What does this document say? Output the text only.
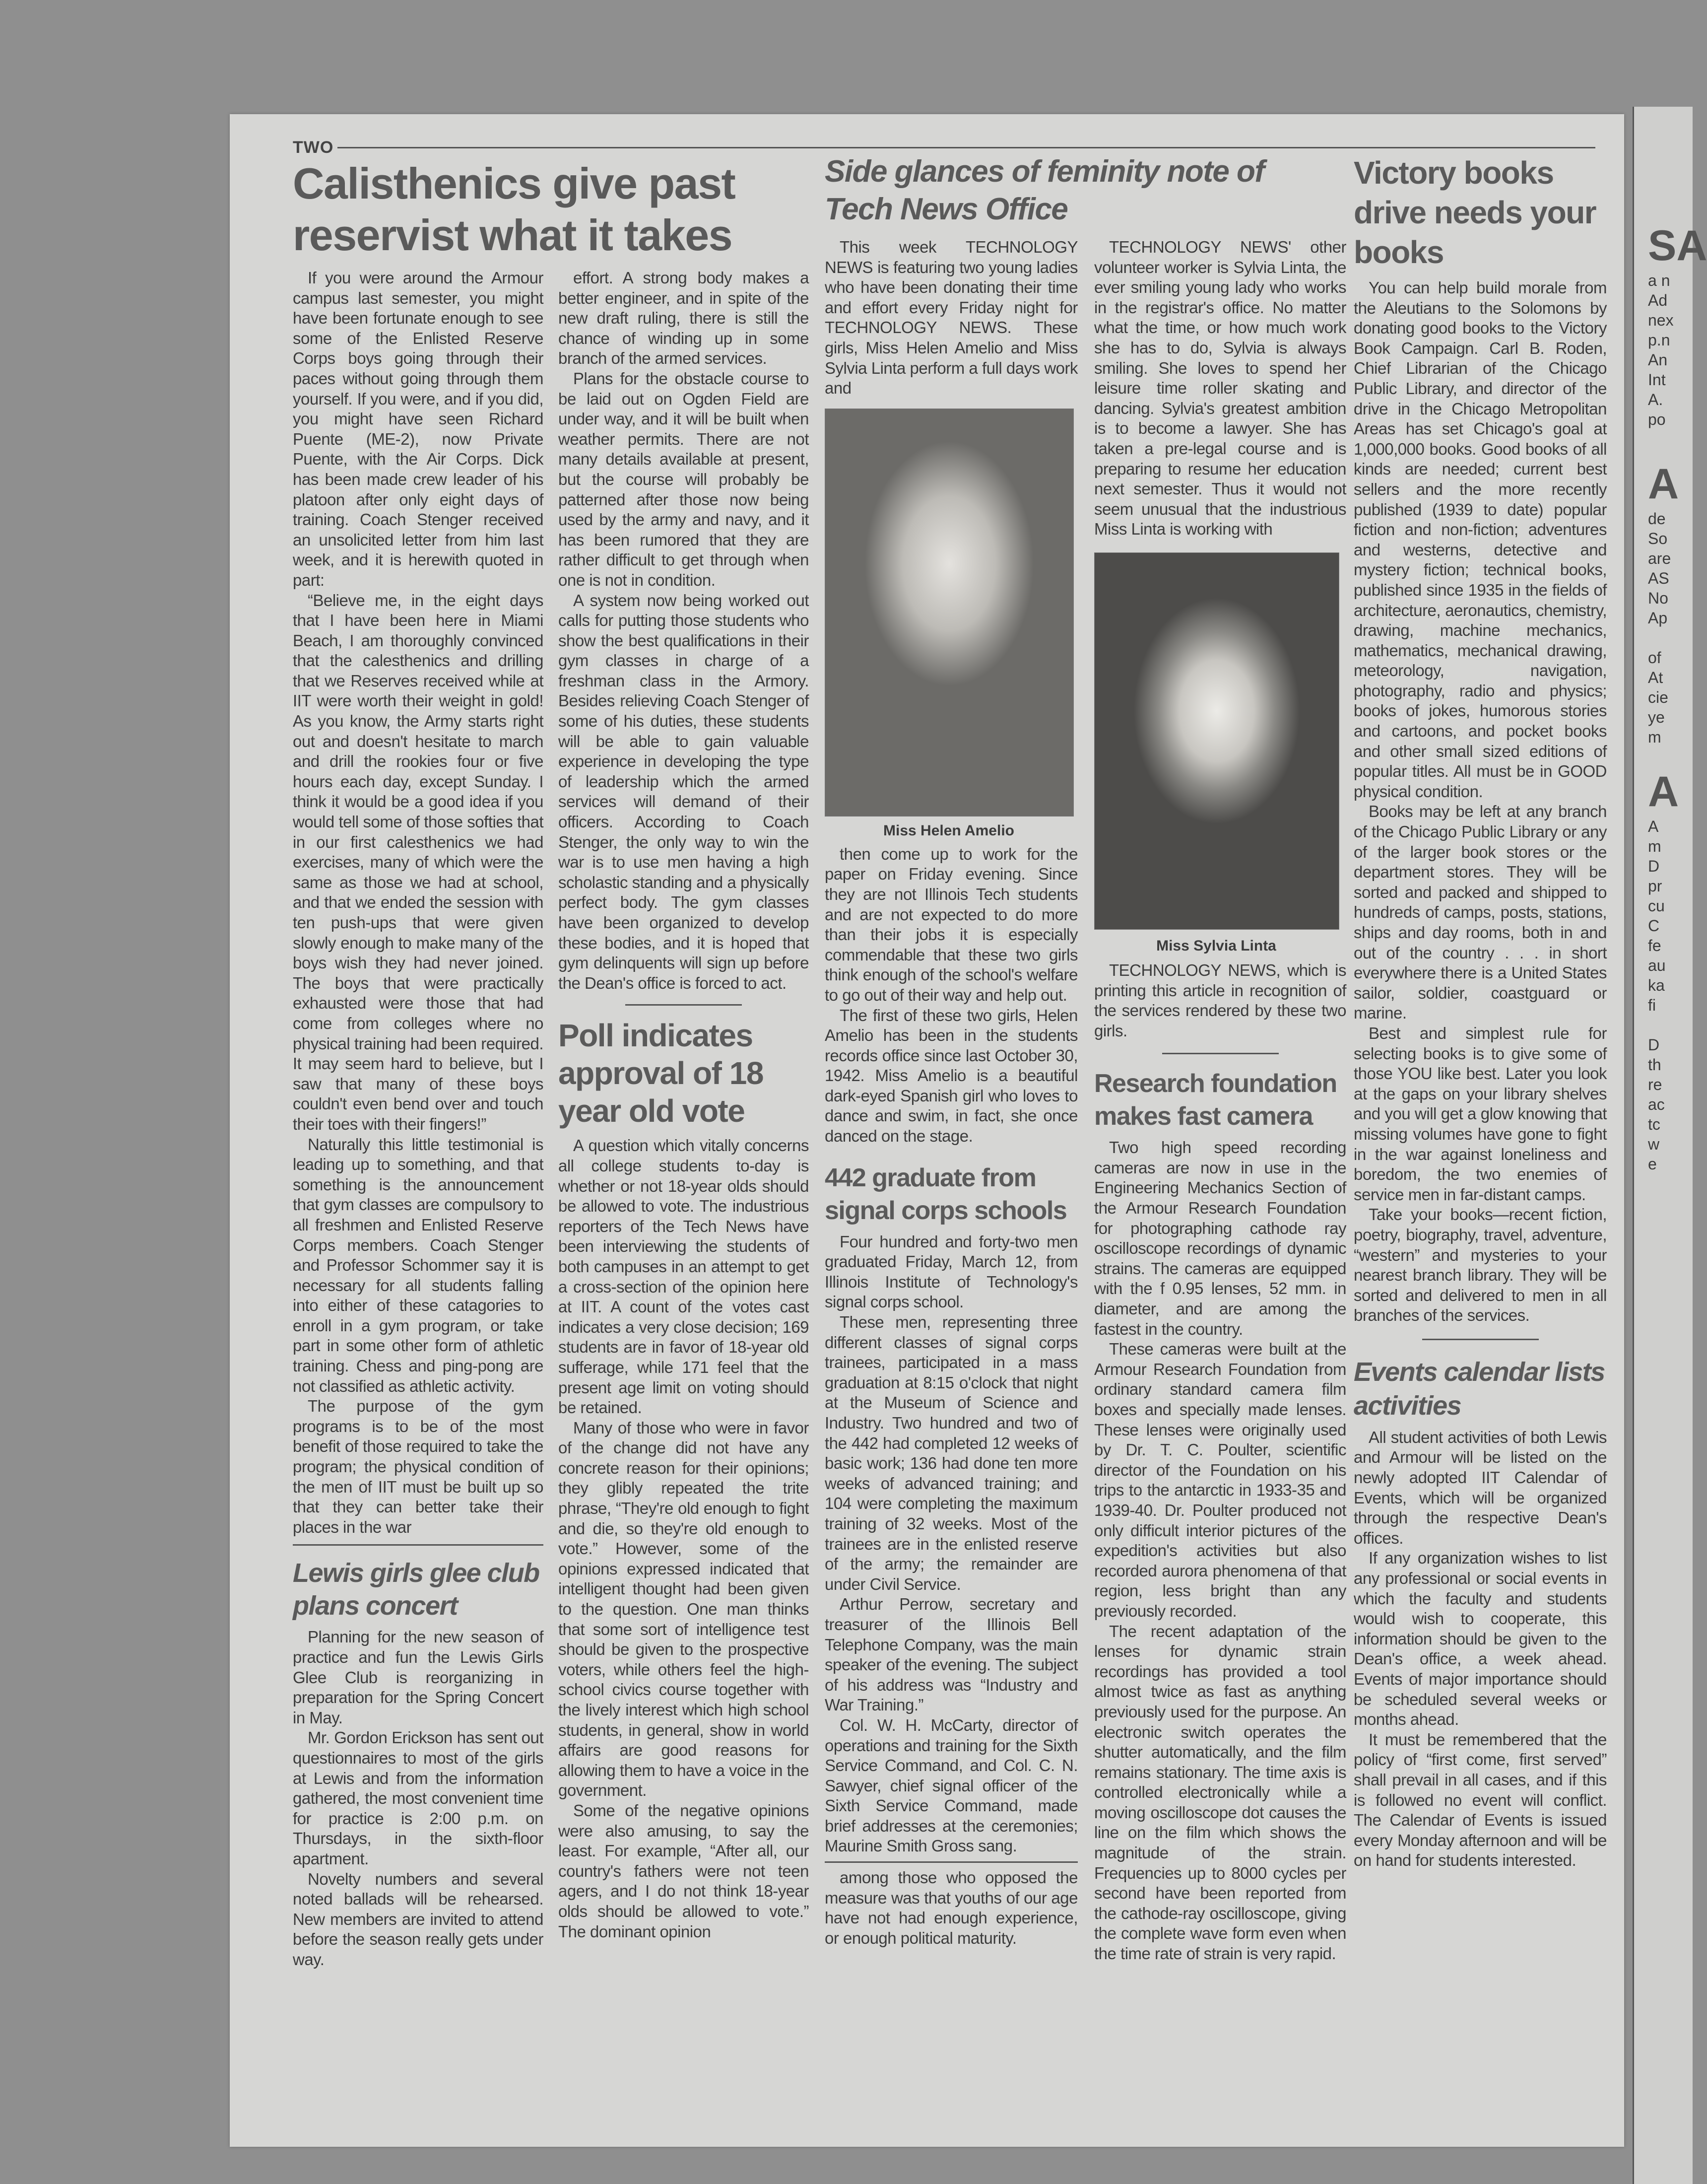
TWO
Calisthenics give past reservist what it takes

If you were around the Armour campus last semester, you might have been fortunate enough to see some of the Enlisted Reserve Corps boys going through their paces without going through them yourself. If you were, and if you did, you might have seen Richard Puente (ME-2), now Private Puente, with the Air Corps. Dick has been made crew leader of his platoon after only eight days of training. Coach Stenger received an unsolicited letter from him last week, and it is herewith quoted in part:

“Believe me, in the eight days that I have been here in Miami Beach, I am thoroughly convinced that the calesthenics and drilling that we Reserves received while at IIT were worth their weight in gold! As you know, the Army starts right out and doesn't hesitate to march and drill the rookies four or five hours each day, except Sunday. I think it would be a good idea if you would tell some of those softies that in our first calesthenics we had exercises, many of which were the same as those we had at school, and that we ended the session with ten push-ups that were given slowly enough to make many of the boys wish they had never joined. The boys that were practically exhausted were those that had come from colleges where no physical training had been required. It may seem hard to believe, but I saw that many of these boys couldn't even bend over and touch their toes with their fingers!”

Naturally this little testimonial is leading up to something, and that something is the announcement that gym classes are compulsory to all freshmen and Enlisted Reserve Corps members. Coach Stenger and Professor Schommer say it is necessary for all students falling into either of these catagories to enroll in a gym program, or take part in some other form of athletic training. Chess and ping-pong are not classified as athletic activity.

The purpose of the gym programs is to be of the most benefit of those required to take the program; the physical condition of the men of IIT must be built up so that they can better take their places in the war

Lewis girls glee club plans concert

Planning for the new season of practice and fun the Lewis Girls Glee Club is reorganizing in preparation for the Spring Concert in May.

Mr. Gordon Erickson has sent out questionnaires to most of the girls at Lewis and from the information gathered, the most convenient time for practice is 2:00 p.m. on Thursdays, in the sixth-floor apartment.

Novelty numbers and several noted ballads will be rehearsed. New members are invited to attend before the season really gets under way.

effort. A strong body makes a better engineer, and in spite of the new draft ruling, there is still the chance of winding up in some branch of the armed services.

Plans for the obstacle course to be laid out on Ogden Field are under way, and it will be built when weather permits. There are not many details available at present, but the course will probably be patterned after those now being used by the army and navy, and it has been rumored that they are rather difficult to get through when one is not in condition.

A system now being worked out calls for putting those students who show the best qualifications in their gym classes in charge of a freshman class in the Armory. Besides relieving Coach Stenger of some of his duties, these students will be able to gain valuable experience in developing the type of leadership which the armed services will demand of their officers. According to Coach Stenger, the only way to win the war is to use men having a high scholastic standing and a physically perfect body. The gym classes have been organized to develop these bodies, and it is hoped that gym delinquents will sign up before the Dean's office is forced to act.

Poll indicates approval of 18 year old vote

A question which vitally concerns all college students to-day is whether or not 18-year olds should be allowed to vote. The industrious reporters of the Tech News have been interviewing the students of both campuses in an attempt to get a cross-section of the opinion here at IIT. A count of the votes cast indicates a very close decision; 169 students are in favor of 18-year old sufferage, while 171 feel that the present age limit on voting should be retained.

Many of those who were in favor of the change did not have any concrete reason for their opinions; they glibly repeated the trite phrase, “They're old enough to fight and die, so they're old enough to vote.” However, some of the opinions expressed indicated that intelligent thought had been given to the question. One man thinks that some sort of intelligence test should be given to the prospective voters, while others feel the high-school civics course together with the lively interest which high school students, in general, show in world affairs are good reasons for allowing them to have a voice in the government.

Some of the negative opinions were also amusing, to say the least. For example, “After all, our country's fathers were not teen agers, and I do not think 18-year olds should be allowed to vote.” The dominant opinion

Side glances of feminity note of Tech News Office

This week TECHNOLOGY NEWS is featuring two young ladies who have been donating their time and effort every Friday night for TECHNOLOGY NEWS. These girls, Miss Helen Amelio and Miss Sylvia Linta perform a full days work and

Miss Helen Amelio

then come up to work for the paper on Friday evening. Since they are not Illinois Tech students and are not expected to do more than their jobs it is especially commendable that these two girls think enough of the school's welfare to go out of their way and help out.

The first of these two girls, Helen Amelio has been in the students records office since last October 30, 1942. Miss Amelio is a beautiful dark-eyed Spanish girl who loves to dance and swim, in fact, she once danced on the stage.

442 graduate from signal corps schools

Four hundred and forty-two men graduated Friday, March 12, from Illinois Institute of Technology's signal corps school.

These men, representing three different classes of signal corps trainees, participated in a mass graduation at 8:15 o'clock that night at the Museum of Science and Industry. Two hundred and two of the 442 had completed 12 weeks of basic work; 136 had done ten more weeks of advanced training; and 104 were completing the maximum training of 32 weeks. Most of the trainees are in the enlisted reserve of the army; the remainder are under Civil Service.

Arthur Perrow, secretary and treasurer of the Illinois Bell Telephone Company, was the main speaker of the evening. The subject of his address was “Industry and War Training.”

Col. W. H. McCarty, director of operations and training for the Sixth Service Command, and Col. C. N. Sawyer, chief signal officer of the Sixth Service Command, made brief addresses at the ceremonies; Maurine Smith Gross sang.

among those who opposed the measure was that youths of our age have not had enough experience, or enough political maturity.

TECHNOLOGY NEWS' other volunteer worker is Sylvia Linta, the ever smiling young lady who works in the registrar's office. No matter what the time, or how much work she has to do, Sylvia is always smiling. She loves to spend her leisure time roller skating and dancing. Sylvia's greatest ambition is to become a lawyer. She has taken a pre-legal course and is preparing to resume her education next semester. Thus it would not seem unusual that the industrious Miss Linta is working with

Miss Sylvia Linta

TECHNOLOGY NEWS, which is printing this article in recognition of the services rendered by these two girls.

Research foundation makes fast camera

Two high speed recording cameras are now in use in the Engineering Mechanics Section of the Armour Research Foundation for photographing cathode ray oscilloscope recordings of dynamic strains. The cameras are equipped with the f 0.95 lenses, 52 mm. in diameter, and are among the fastest in the country.

These cameras were built at the Armour Research Foundation from ordinary standard camera film boxes and specially made lenses. These lenses were originally used by Dr. T. C. Poulter, scientific director of the Foundation on his trips to the antarctic in 1933-35 and 1939-40. Dr. Poulter produced not only difficult interior pictures of the expedition's activities but also recorded aurora phenomena of that region, less bright than any previously recorded.

The recent adaptation of the lenses for dynamic strain recordings has provided a tool almost twice as fast as anything previously used for the purpose. An electronic switch operates the shutter automatically, and the film remains stationary. The time axis is controlled electronically while a moving oscilloscope dot causes the line on the film which shows the magnitude of the strain. Frequencies up to 8000 cycles per second have been reported from the cathode-ray oscilloscope, giving the complete wave form even when the time rate of strain is very rapid.

Victory books drive needs your books

You can help build morale from the Aleutians to the Solomons by donating good books to the Victory Book Campaign. Carl B. Roden, Chief Librarian of the Chicago Public Library, and director of the drive in the Chicago Metropolitan Areas has set Chicago's goal at 1,000,000 books. Good books of all kinds are needed; current best sellers and the more recently published (1939 to date) popular fiction and non-fiction; adventures and westerns, detective and mystery fiction; technical books, published since 1935 in the fields of architecture, aeronautics, chemistry, drawing, machine mechanics, mathematics, mechanical drawing, meteorology, navigation, photography, radio and physics; books of jokes, humorous stories and cartoons, and pocket books and other small sized editions of popular titles. All must be in GOOD physical condition.

Books may be left at any branch of the Chicago Public Library or any of the larger book stores or the department stores. They will be sorted and packed and shipped to hundreds of camps, posts, stations, ships and day rooms, both in and out of the country . . . in short everywhere there is a United States sailor, soldier, coastguard or marine.

Best and simplest rule for selecting books is to give some of those YOU like best. Later you look at the gaps on your library shelves and you will get a glow knowing that missing volumes have gone to fight in the war against loneliness and boredom, the two enemies of service men in far-distant camps.

Take your books—recent fiction, poetry, biography, travel, adventure, “western” and mysteries to your nearest branch library. They will be sorted and delivered to men in all branches of the services.

Events calendar lists activities

All student activities of both Lewis and Armour will be listed on the newly adopted IIT Calendar of Events, which will be organized through the respective Dean's offices.

If any organization wishes to list any professional or social events in which the faculty and students would wish to cooperate, this information should be given to the Dean's office, a week ahead. Events of major importance should be scheduled several weeks or months ahead.

It must be remembered that the policy of “first come, first served” shall prevail in all cases, and if this is followed no event will conflict. The Calendar of Events is issued every Monday afternoon and will be on hand for students interested.

SA
a n
Ad
nex
p.n
An
Int
A.
po
A
de
So
are
AS
No
Ap
of
At
cie
ye
m
A
A
m
D
pr
cu
C
fe
au
ka
fi
D
th
re
ac
tc
w
e
